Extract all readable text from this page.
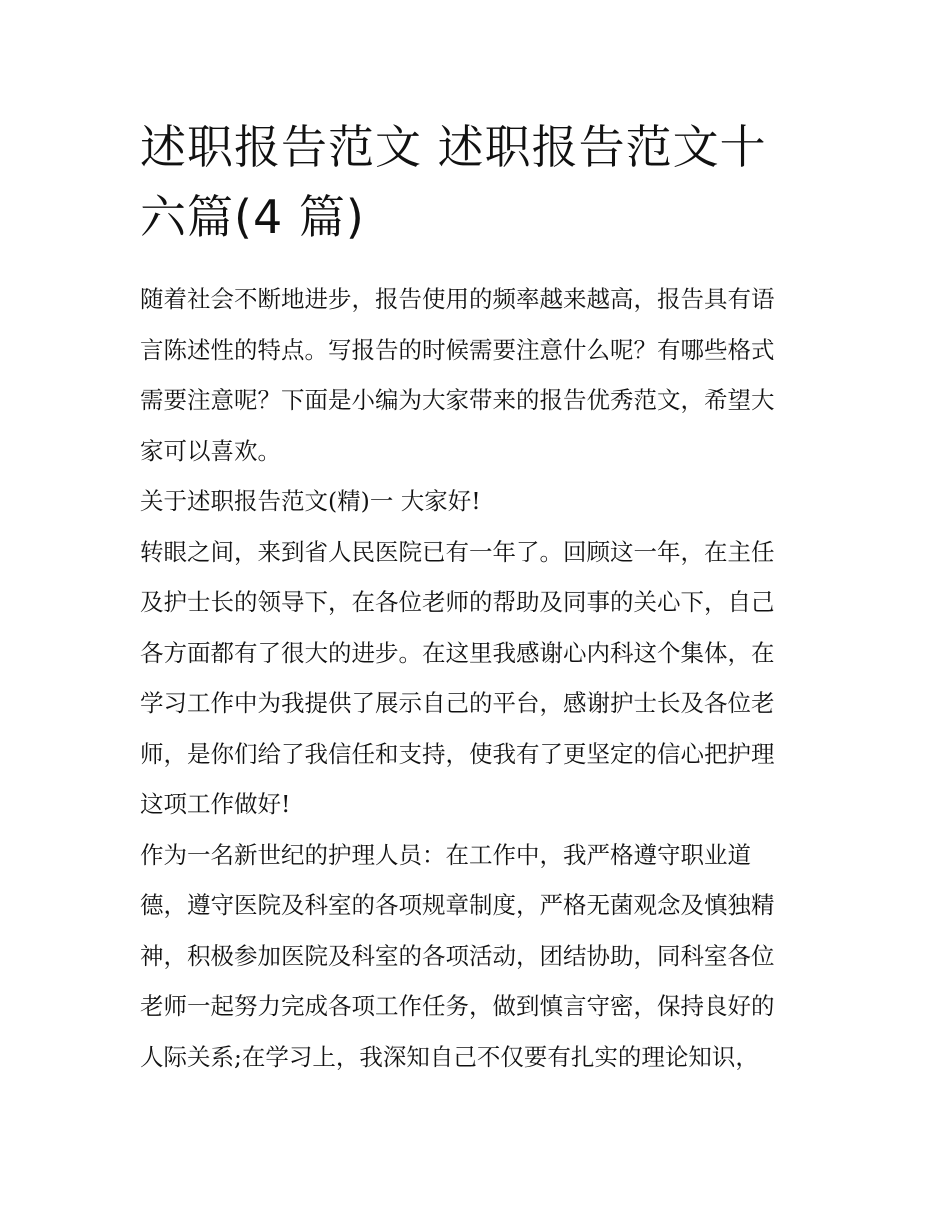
述职报告范文 述职报告范文十
六篇(4 篇)

随着社会不断地进步，报告使用的频率越来越高，报告具有语
言陈述性的特点。写报告的时候需要注意什么呢？有哪些格式
需要注意呢？下面是小编为大家带来的报告优秀范文，希望大
家可以喜欢。

关于述职报告范文(精)一 大家好!

转眼之间，来到省人民医院已有一年了。回顾这一年，在主任
及护士长的领导下，在各位老师的帮助及同事的关心下，自己
各方面都有了很大的进步。在这里我感谢心内科这个集体，在
学习工作中为我提供了展示自己的平台，感谢护士长及各位老
师，是你们给了我信任和支持，使我有了更坚定的信心把护理
这项工作做好!

作为一名新世纪的护理人员：在工作中，我严格遵守职业道
德，遵守医院及科室的各项规章制度，严格无菌观念及慎独精
神，积极参加医院及科室的各项活动，团结协助，同科室各位
老师一起努力完成各项工作任务，做到慎言守密，保持良好的
人际关系;在学习上，我深知自己不仅要有扎实的理论知识，
